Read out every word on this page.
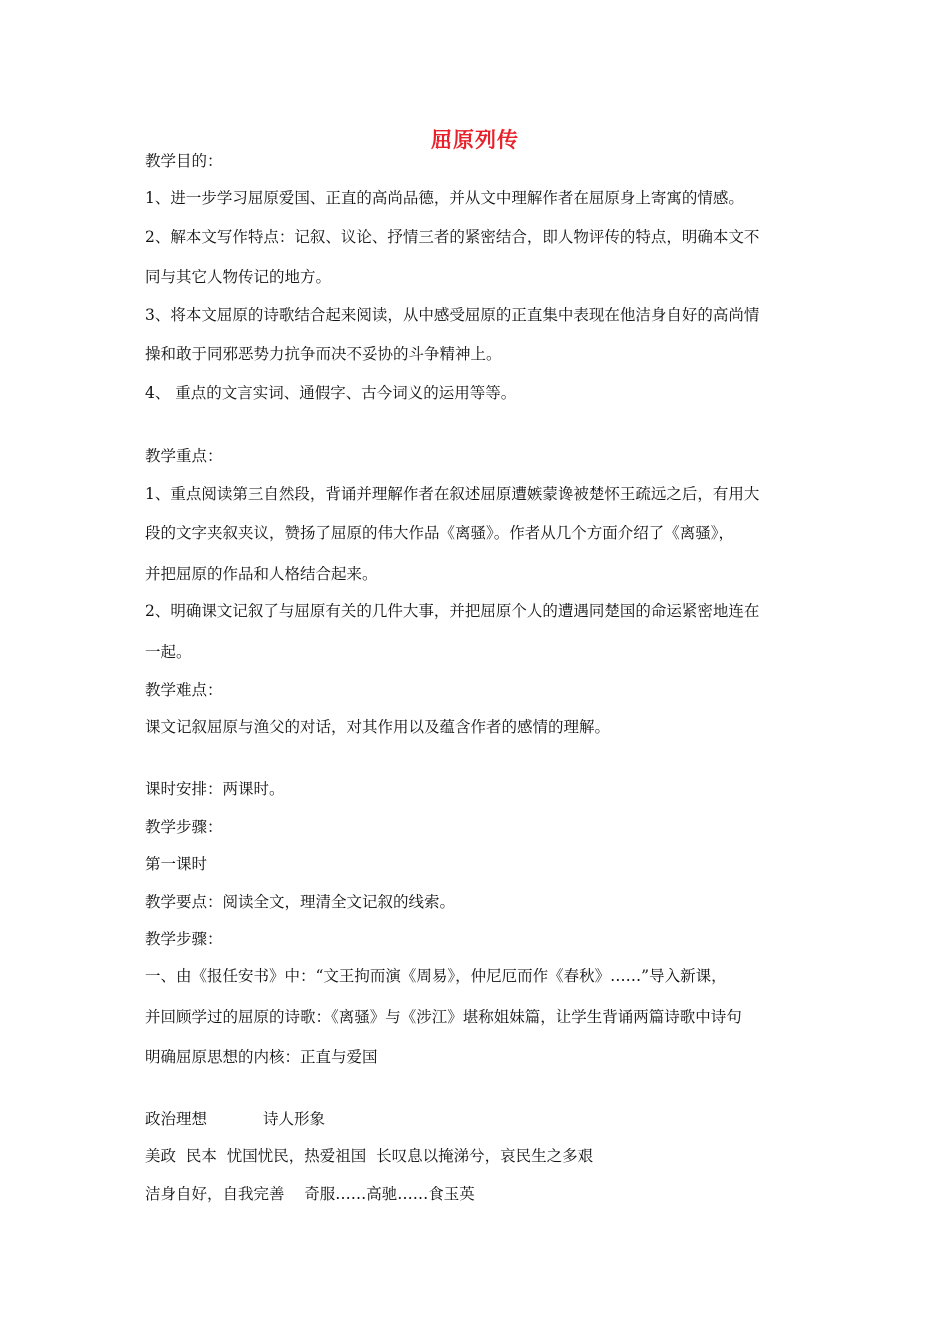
屈原列传
教学目的：
1、进一步学习屈原爱国、正直的高尚品德，并从文中理解作者在屈原身上寄寓的情感。
2、解本文写作特点：记叙、议论、抒情三者的紧密结合，即人物评传的特点，明确本文不
同与其它人物传记的地方。
3、将本文屈原的诗歌结合起来阅读，从中感受屈原的正直集中表现在他洁身自好的高尚情
操和敢于同邪恶势力抗争而决不妥协的斗争精神上。
4、 重点的文言实词、通假字、古今词义的运用等等。
教学重点：
1、重点阅读第三自然段，背诵并理解作者在叙述屈原遭嫉蒙谗被楚怀王疏远之后，有用大
段的文字夹叙夹议，赞扬了屈原的伟大作品《离骚》。作者从几个方面介绍了《离骚》，
并把屈原的作品和人格结合起来。
2、明确课文记叙了与屈原有关的几件大事，并把屈原个人的遭遇同楚国的命运紧密地连在
一起。
教学难点：
课文记叙屈原与渔父的对话，对其作用以及蕴含作者的感情的理解。
课时安排：两课时。
教学步骤：
第一课时
教学要点：阅读全文，理清全文记叙的线索。
教学步骤：
一、由《报任安书》中：“文王拘而演《周易》，仲尼厄而作《春秋》……”导入新课，
并回顾学过的屈原的诗歌：《离骚》与《涉江》堪称姐妹篇，让学生背诵两篇诗歌中诗句
明确屈原思想的内核：正直与爱国
政治理想	诗人形象
美政  民本  忧国忧民，热爱祖国  长叹息以掩涕兮，哀民生之多艰
洁身自好，自我完善    奇服……高驰……食玉英
